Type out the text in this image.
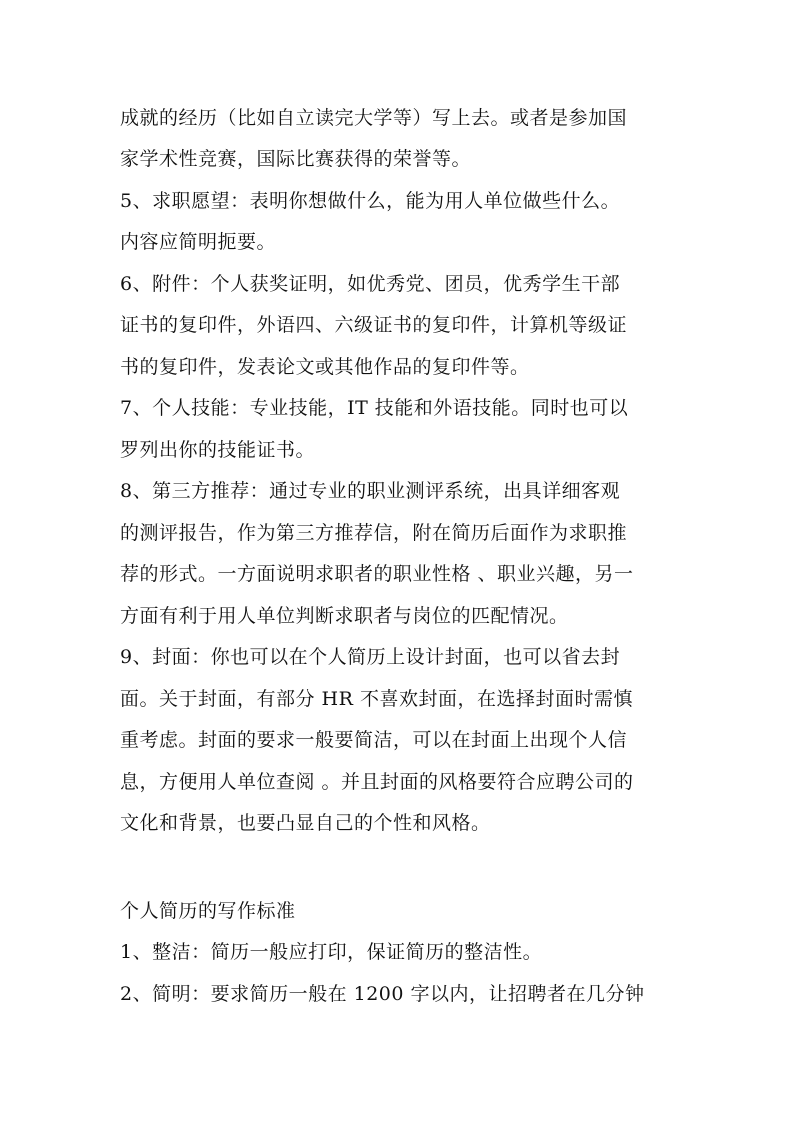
成就的经历（比如自立读完大学等）写上去。或者是参加国
家学术性竞赛，国际比赛获得的荣誉等。
5、求职愿望：表明你想做什么，能为用人单位做些什么。
内容应简明扼要。
6、附件：个人获奖证明，如优秀党、团员，优秀学生干部
证书的复印件，外语四、六级证书的复印件，计算机等级证
书的复印件，发表论文或其他作品的复印件等。
7、个人技能：专业技能，IT 技能和外语技能。同时也可以
罗列出你的技能证书。
8、第三方推荐：通过专业的职业测评系统，出具详细客观
的测评报告，作为第三方推荐信，附在简历后面作为求职推
荐的形式。一方面说明求职者的职业性格 、职业兴趣，另一
方面有利于用人单位判断求职者与岗位的匹配情况。
9、封面：你也可以在个人简历上设计封面，也可以省去封
面。关于封面，有部分 HR 不喜欢封面，在选择封面时需慎
重考虑。封面的要求一般要简洁，可以在封面上出现个人信
息，方便用人单位查阅 。并且封面的风格要符合应聘公司的
文化和背景，也要凸显自己的个性和风格。
个人简历的写作标准
1、整洁：简历一般应打印，保证简历的整洁性。
2、简明：要求简历一般在 1200 字以内，让招聘者在几分钟
